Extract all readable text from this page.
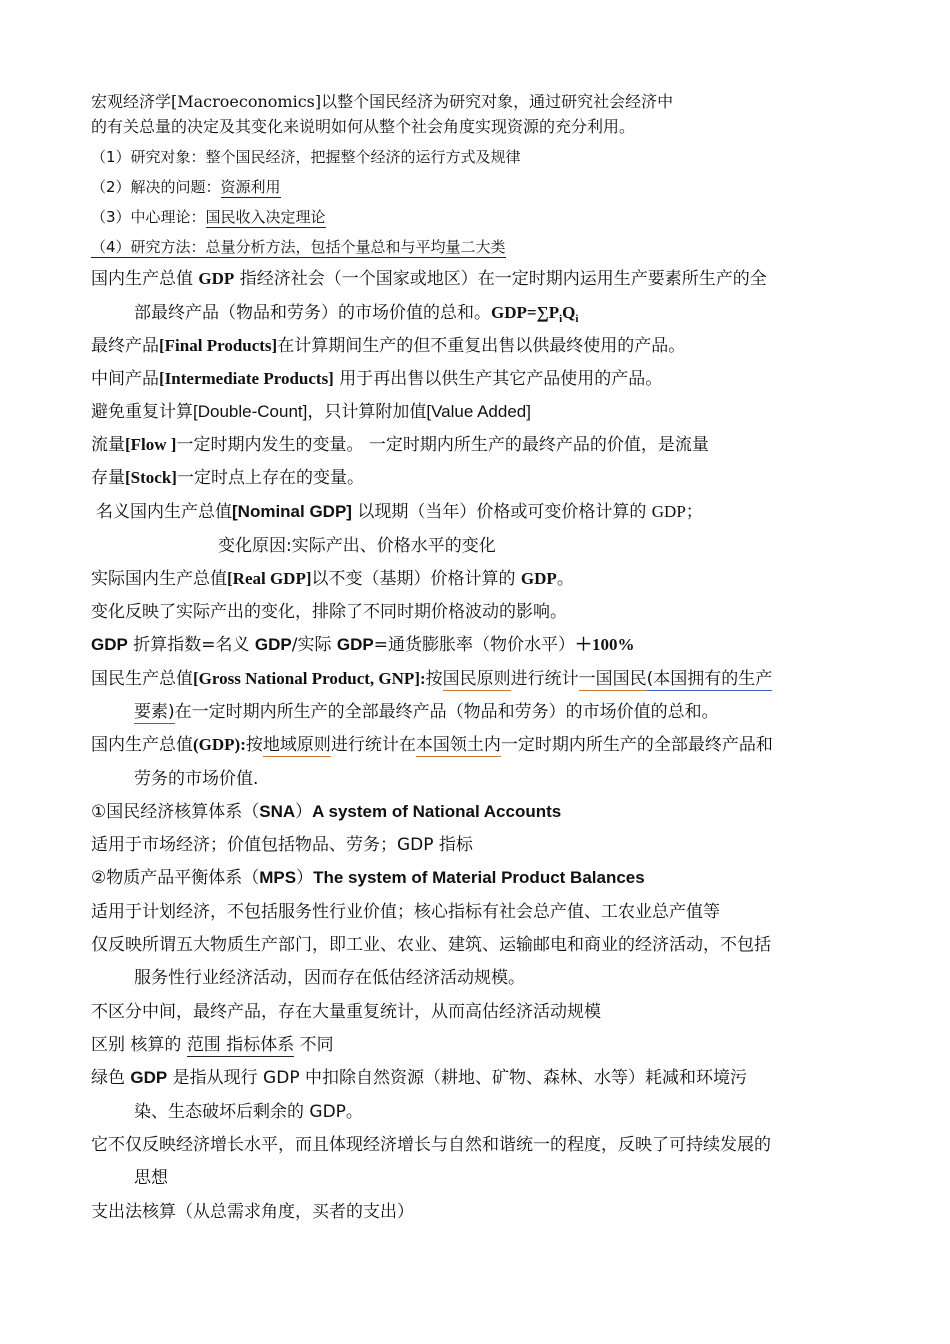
宏观经济学[Macroeconomics]以整个国民经济为研究对象，通过研究社会经济中
的有关总量的决定及其变化来说明如何从整个社会角度实现资源的充分利用。
（1）研究对象：整个国民经济，把握整个经济的运行方式及规律
（2）解决的问题：资源利用
（3）中心理论：国民收入决定理论
（4）研究方法：总量分析方法，包括个量总和与平均量二大类
国内生产总值 GDP 指经济社会（一个国家或地区）在一定时期内运用生产要素所生产的全
部最终产品（物品和劳务）的市场价值的总和。$GDP=\sum P_iQ_i$
最终产品[Final Products]在计算期间生产的但不重复出售以供最终使用的产品。
中间产品[Intermediate Products] 用于再出售以供生产其它产品使用的产品。
避免重复计算[Double-Count]，只计算附加值[Value Added]
流量[Flow ]一定时期内发生的变量。 一定时期内所生产的最终产品的价值，是流量
存量[Stock]一定时点上存在的变量。
名义国内生产总值[Nominal GDP] 以现期（当年）价格或可变价格计算的 GDP；
变化原因:实际产出、价格水平的变化
实际国内生产总值[Real GDP]以不变（基期）价格计算的 GDP。
变化反映了实际产出的变化，排除了不同时期价格波动的影响。
GDP 折算指数=名义 GDP/实际 GDP=通货膨胀率（物价水平）＋100%
国民生产总值[Gross National Product, GNP]:按国民原则进行统计一国国民(本国拥有的生产
要素)在一定时期内所生产的全部最终产品（物品和劳务）的市场价值的总和。
国内生产总值(GDP):按地域原则进行统计在本国领土内一定时期内所生产的全部最终产品和
劳务的市场价值.
①国民经济核算体系（SNA）A system of National Accounts
适用于市场经济；价值包括物品、劳务；GDP 指标
②物质产品平衡体系（MPS）The system of Material Product Balances
适用于计划经济，不包括服务性行业价值；核心指标有社会总产值、工农业总产值等
仅反映所谓五大物质生产部门，即工业、农业、建筑、运输邮电和商业的经济活动，不包括
服务性行业经济活动，因而存在低估经济活动规模。
不区分中间，最终产品，存在大量重复统计，从而高估经济活动规模
区别 核算的 范围 指标体系 不同
绿色 GDP 是指从现行 GDP 中扣除自然资源（耕地、矿物、森林、水等）耗减和环境污
染、生态破坏后剩余的 GDP。
它不仅反映经济增长水平，而且体现经济增长与自然和谐统一的程度，反映了可持续发展的
思想
支出法核算（从总需求角度，买者的支出）
